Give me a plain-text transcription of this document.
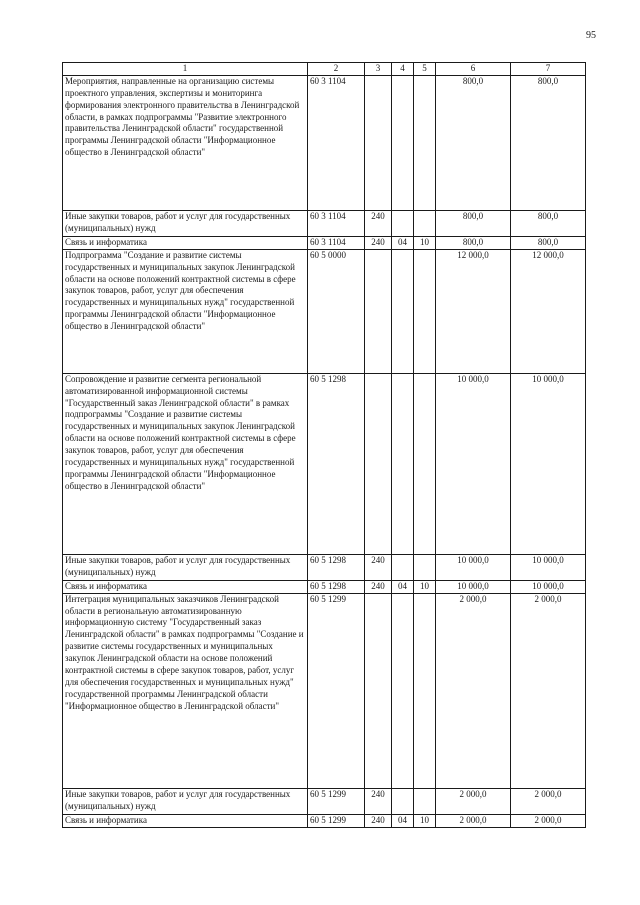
95
1	2	3	4	5	6	7
Мероприятия, направленные на организацию системы проектного управления, экспертизы и мониторинга формирования электронного правительства в Ленинградской области, в рамках подпрограммы "Развитие электронного правительства Ленинградской области" государственной программы Ленинградской области "Информационное общество в Ленинградской области"	60 3 1104				800,0	800,0
Иные закупки товаров, работ и услуг для государственных (муниципальных) нужд	60 3 1104	240			800,0	800,0
Связь и информатика	60 3 1104	240	04	10	800,0	800,0
Подпрограмма "Создание и развитие системы государственных и муниципальных закупок Ленинградской области на основе положений контрактной системы в сфере закупок товаров, работ, услуг для обеспечения государственных и муниципальных нужд" государственной программы Ленинградской области "Информационное общество в Ленинградской области"	60 5 0000				12 000,0	12 000,0
Сопровождение и развитие сегмента региональной автоматизированной информационной системы "Государственный заказ Ленинградской области" в рамках подпрограммы "Создание и развитие системы государственных и муниципальных закупок Ленинградской области на основе положений контрактной системы в сфере закупок товаров, работ, услуг для обеспечения государственных и муниципальных нужд" государственной программы Ленинградской области "Информационное общество в Ленинградской области"	60 5 1298				10 000,0	10 000,0
Иные закупки товаров, работ и услуг для государственных (муниципальных) нужд	60 5 1298	240			10 000,0	10 000,0
Связь и информатика	60 5 1298	240	04	10	10 000,0	10 000,0
Интеграция муниципальных заказчиков Ленинградской области в региональную автоматизированную информационную систему "Государственный заказ Ленинградской области" в рамках подпрограммы "Создание и развитие системы государственных и муниципальных закупок Ленинградской области на основе положений контрактной системы в сфере закупок товаров, работ, услуг для обеспечения государственных и муниципальных нужд" государственной программы Ленинградской области "Информационное общество в Ленинградской области"	60 5 1299				2 000,0	2 000,0
Иные закупки товаров, работ и услуг для государственных (муниципальных) нужд	60 5 1299	240			2 000,0	2 000,0
Связь и информатика	60 5 1299	240	04	10	2 000,0	2 000,0
